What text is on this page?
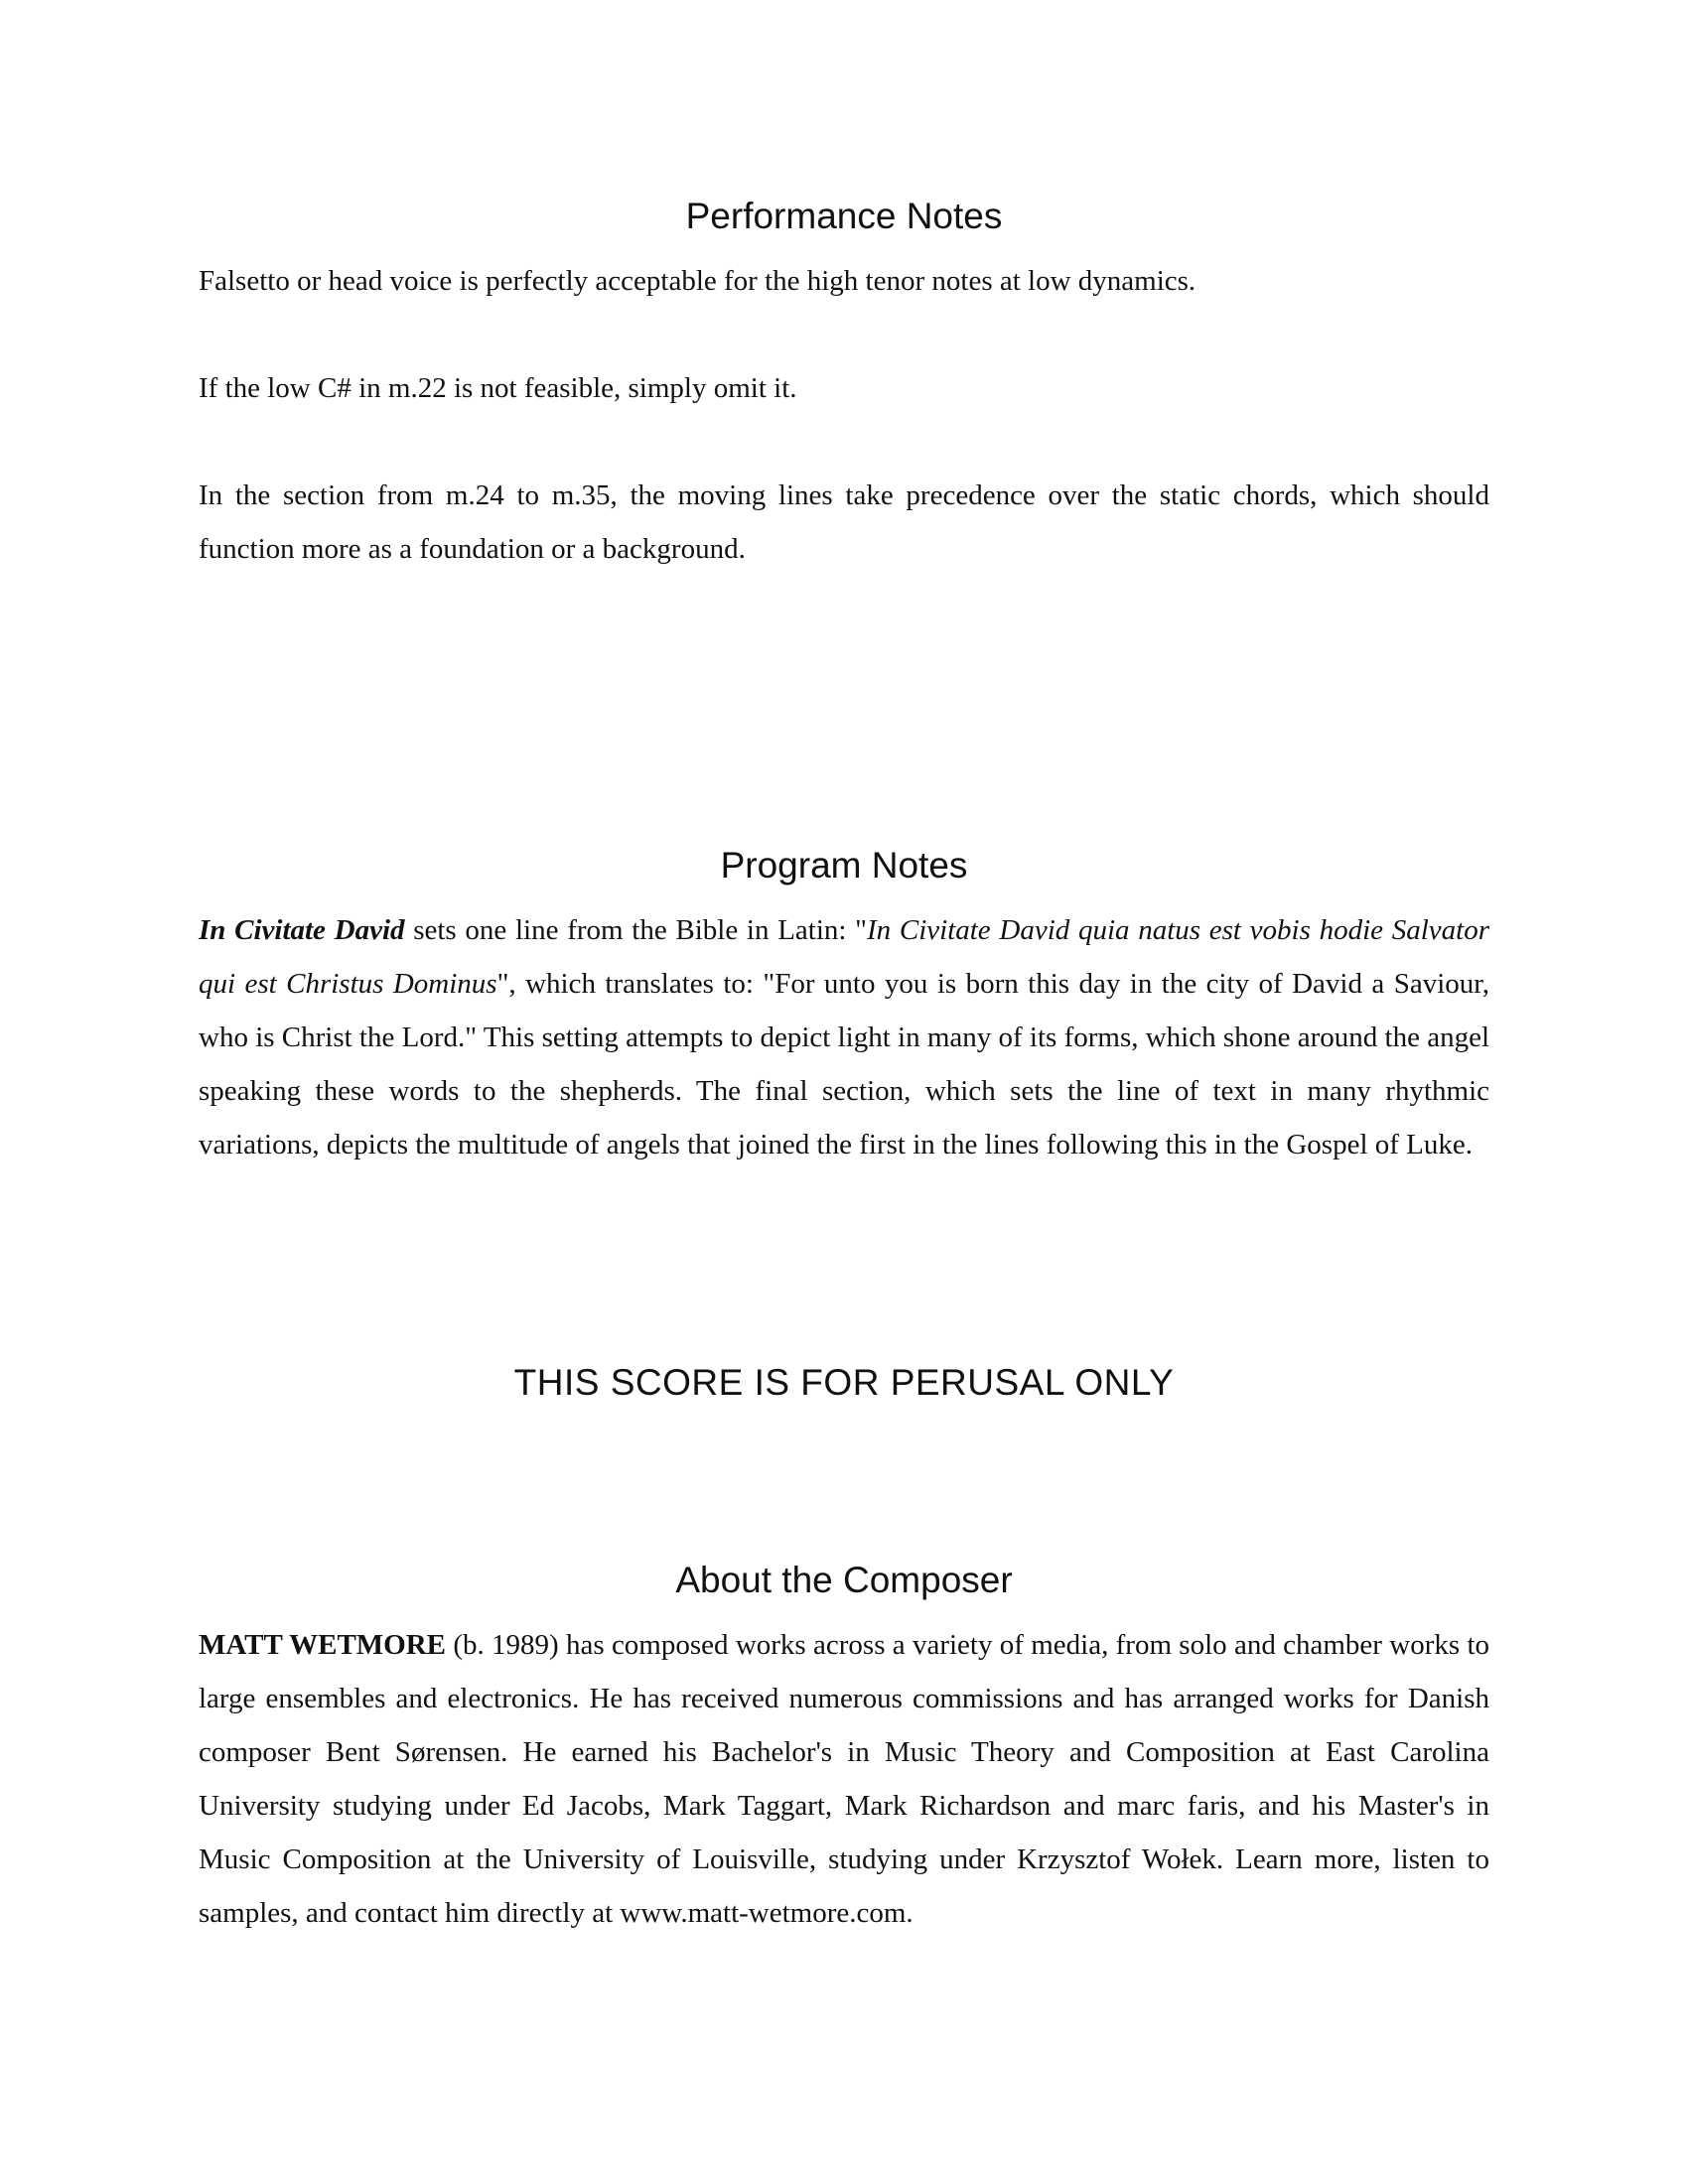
Performance Notes

Falsetto or head voice is perfectly acceptable for the high tenor notes at low dynamics.

If the low C# in m.22 is not feasible, simply omit it.

In the section from m.24 to m.35, the moving lines take precedence over the static chords, which should function more as a foundation or a background.

Program Notes

In Civitate David sets one line from the Bible in Latin: "In Civitate David quia natus est vobis hodie Salvator qui est Christus Dominus", which translates to: "For unto you is born this day in the city of David a Saviour, who is Christ the Lord." This setting attempts to depict light in many of its forms, which shone around the angel speaking these words to the shepherds. The final section, which sets the line of text in many rhythmic variations, depicts the multitude of angels that joined the first in the lines following this in the Gospel of Luke.

THIS SCORE IS FOR PERUSAL ONLY
About the Composer

MATT WETMORE (b. 1989) has composed works across a variety of media, from solo and chamber works to large ensembles and electronics. He has received numerous commissions and has arranged works for Danish composer Bent Sørensen. He earned his Bachelor's in Music Theory and Composition at East Carolina University studying under Ed Jacobs, Mark Taggart, Mark Richardson and marc faris, and his Master's in Music Composition at the University of Louisville, studying under Krzysztof Wołek. Learn more, listen to samples, and contact him directly at www.matt-wetmore.com.
